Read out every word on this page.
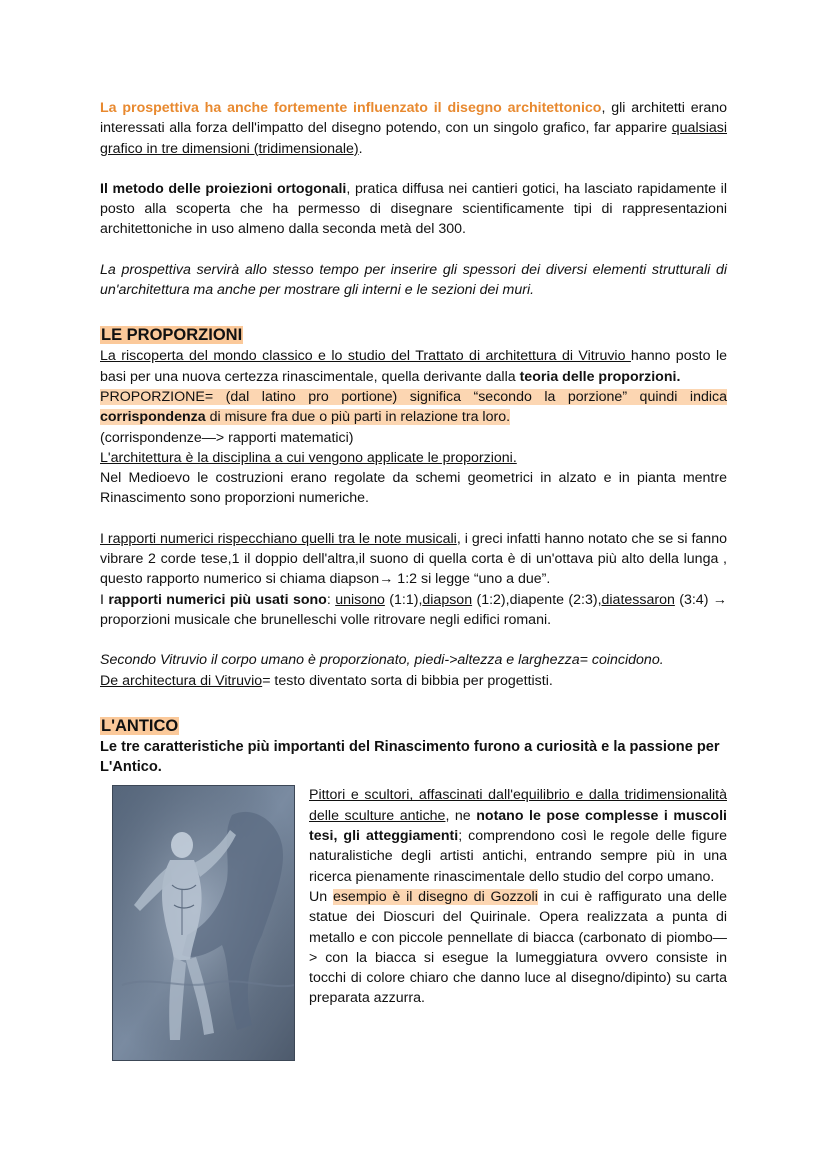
La prospettiva ha anche fortemente influenzato il disegno architettonico, gli architetti erano interessati alla forza dell'impatto del disegno potendo, con un singolo grafico, far apparire qualsiasi grafico in tre dimensioni (tridimensionale).

Il metodo delle proiezioni ortogonali, pratica diffusa nei cantieri gotici, ha lasciato rapidamente il posto alla scoperta che ha permesso di disegnare scientificamente tipi di rappresentazioni architettoniche in uso almeno dalla seconda metà del 300.

La prospettiva servirà allo stesso tempo per inserire gli spessori dei diversi elementi strutturali di un'architettura ma anche per mostrare gli interni e le sezioni dei muri.

LE PROPORZIONI

La riscoperta del mondo classico e lo studio del Trattato di architettura di Vitruvio hanno posto le basi per una nuova certezza rinascimentale, quella derivante dalla teoria delle proporzioni.

PROPORZIONE= (dal latino pro portione) significa “secondo la porzione” quindi indica corrispondenza di misure fra due o più parti in relazione tra loro.

(corrispondenze—> rapporti matematici)

L'architettura è la disciplina a cui vengono applicate le proporzioni.

Nel Medioevo le costruzioni erano regolate da schemi geometrici in alzato e in pianta mentre Rinascimento sono proporzioni numeriche.

I rapporti numerici rispecchiano quelli tra le note musicali, i greci infatti hanno notato che se si fanno vibrare 2 corde tese,1 il doppio dell'altra,il suono di quella corta è di un'ottava più alto della lunga , questo rapporto numerico si chiama diapson→ 1:2 si legge “uno a due”.

I rapporti numerici più usati sono: unisono (1:1),diapson (1:2),diapente (2:3),diatessaron (3:4) → proporzioni musicale che brunelleschi volle ritrovare negli edifici romani.

Secondo Vitruvio il corpo umano è proporzionato, piedi->altezza e larghezza= coincidono.

De architectura di Vitruvio= testo diventato sorta di bibbia per progettisti.

L'ANTICO

Le tre caratteristiche più importanti del Rinascimento furono a curiosità e la passione per L'Antico.

Pittori e scultori, affascinati dall'equilibrio e dalla tridimensionalità delle sculture antiche, ne notano le pose complesse i muscoli tesi, gli atteggiamenti; comprendono così le regole delle figure naturalistiche degli artisti antichi, entrando sempre più in una ricerca pienamente rinascimentale dello studio del corpo umano.

Un esempio è il disegno di Gozzoli in cui è raffigurato una delle statue dei Dioscuri del Quirinale. Opera realizzata a punta di metallo e con piccole pennellate di biacca (carbonato di piombo—> con la biacca si esegue la lumeggiatura ovvero consiste in tocchi di colore chiaro che danno luce al disegno/dipinto) su carta preparata azzurra.
